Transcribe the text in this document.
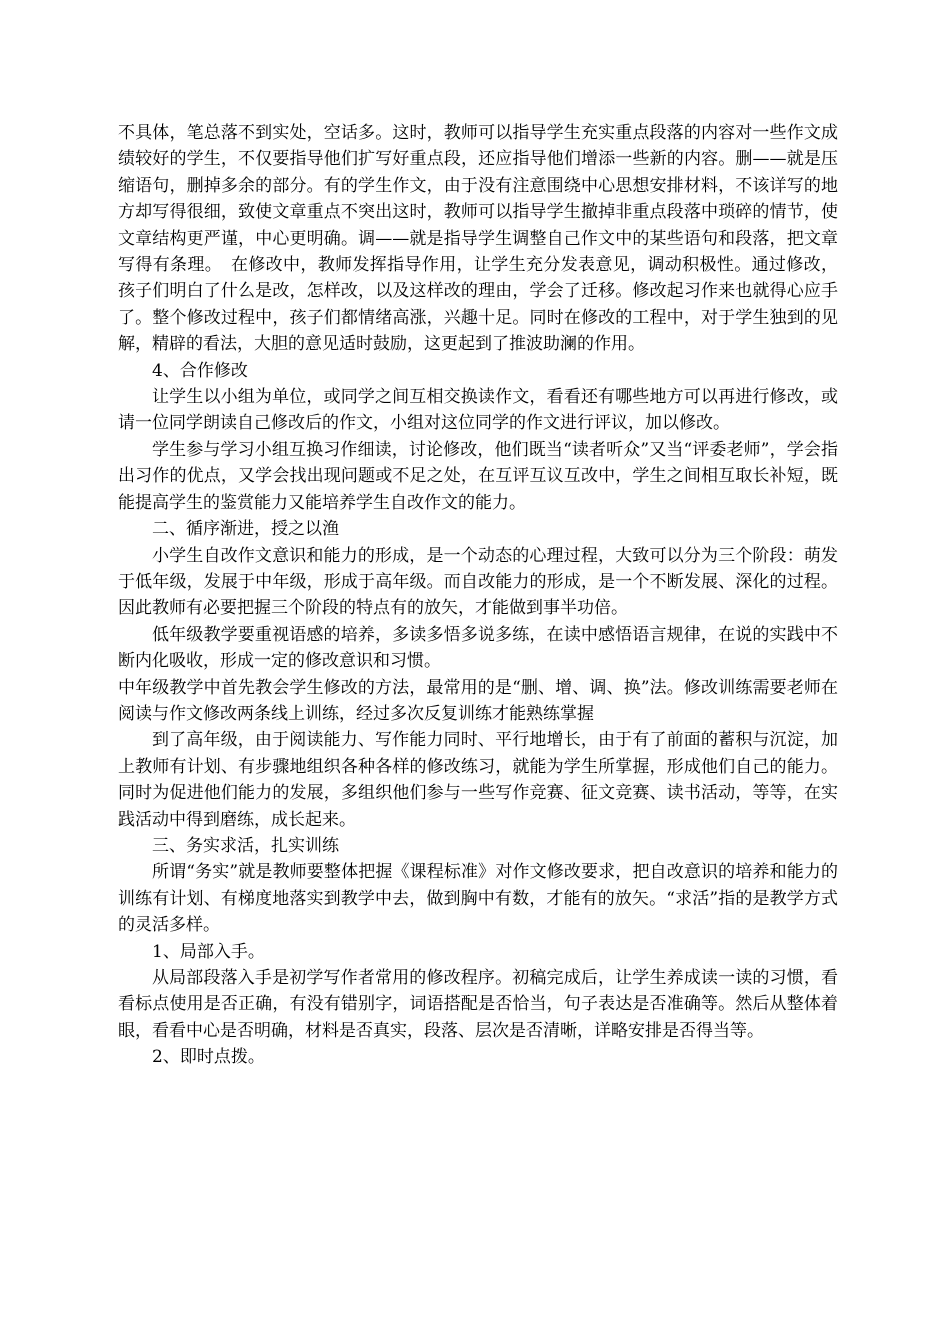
不具体，笔总落不到实处，空话多。这时，教师可以指导学生充实重点段落的内容对一些作文成绩较好的学生，不仅要指导他们扩写好重点段，还应指导他们增添一些新的内容。删——就是压缩语句，删掉多余的部分。有的学生作文，由于没有注意围绕中心思想安排材料，不该详写的地方却写得很细，致使文章重点不突出这时，教师可以指导学生撤掉非重点段落中琐碎的情节，使文章结构更严谨，中心更明确。调——就是指导学生调整自己作文中的某些语句和段落，把文章写得有条理。　在修改中，教师发挥指导作用，让学生充分发表意见，调动积极性。通过修改，孩子们明白了什么是改，怎样改，以及这样改的理由，学会了迁移。修改起习作来也就得心应手了。整个修改过程中，孩子们都情绪高涨，兴趣十足。同时在修改的工程中，对于学生独到的见解，精辟的看法，大胆的意见适时鼓励，这更起到了推波助澜的作用。

4、合作修改

让学生以小组为单位，或同学之间互相交换读作文，看看还有哪些地方可以再进行修改，或请一位同学朗读自己修改后的作文，小组对这位同学的作文进行评议，加以修改。

学生参与学习小组互换习作细读，讨论修改，他们既当“读者听众”又当“评委老师”，学会指出习作的优点，又学会找出现问题或不足之处，在互评互议互改中，学生之间相互取长补短，既能提高学生的鉴赏能力又能培养学生自改作文的能力。

二、循序渐进，授之以渔

小学生自改作文意识和能力的形成，是一个动态的心理过程，大致可以分为三个阶段：萌发于低年级，发展于中年级，形成于高年级。而自改能力的形成，是一个不断发展、深化的过程。因此教师有必要把握三个阶段的特点有的放矢，才能做到事半功倍。

低年级教学要重视语感的培养，多读多悟多说多练，在读中感悟语言规律，在说的实践中不断内化吸收，形成一定的修改意识和习惯。

中年级教学中首先教会学生修改的方法，最常用的是“删、增、调、换”法。修改训练需要老师在阅读与作文修改两条线上训练，经过多次反复训练才能熟练掌握

到了高年级，由于阅读能力、写作能力同时、平行地增长，由于有了前面的蓄积与沉淀，加上教师有计划、有步骤地组织各种各样的修改练习，就能为学生所掌握，形成他们自己的能力。同时为促进他们能力的发展，多组织他们参与一些写作竞赛、征文竞赛、读书活动，等等，在实践活动中得到磨练，成长起来。

三、务实求活，扎实训练

所谓“务实”就是教师要整体把握《课程标准》对作文修改要求，把自改意识的培养和能力的训练有计划、有梯度地落实到教学中去，做到胸中有数，才能有的放矢。“求活”指的是教学方式的灵活多样。

1、局部入手。

从局部段落入手是初学写作者常用的修改程序。初稿完成后，让学生养成读一读的习惯，看看标点使用是否正确，有没有错别字，词语搭配是否恰当，句子表达是否准确等。然后从整体着眼，看看中心是否明确，材料是否真实，段落、层次是否清晰，详略安排是否得当等。

2、即时点拨。
